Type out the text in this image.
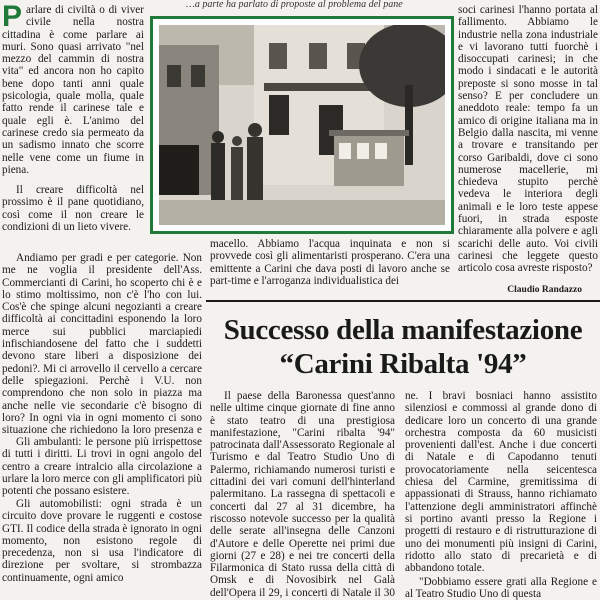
…a parte ha parlato di proposte al problema del pane

Parlare di civiltà o di viver civile nella nostra cittadina è come parlare ai muri. Sono quasi arrivato "nel mezzo del cammin di nostra vita" ed ancora non ho capito bene dopo tanti anni quale psicologia, quale molla, quale fatto rende il carinese tale e quale egli è. L'animo del carinese credo sia permeato da un sadismo innato che scorre nelle vene come un fiume in piena.

Il creare difficoltà nel prossimo è il pane quotidiano, così come il non creare le condizioni di un lieto vivere.

Andiamo per gradi e per categorie. Non me ne voglia il presidente dell'Ass. Commercianti di Carini, ho scoperto chi è e lo stimo moltissimo, non c'è l'ho con lui. Cos'è che spinge alcuni negozianti a creare difficoltà ai concittadini esponendo la loro merce sui pubblici marciapiedi infischiandosene del fatto che i suddetti devono stare liberi a disposizione dei pedoni?. Mi ci arrovello il cervello a cercare delle spiegazioni. Perchè i V.U. non comprendono che non solo in piazza ma anche nelle vie secondarie c'è bisogno di loro? In ogni via in ogni momento ci sono situazione che richiedono la loro presenza e

Gli ambulanti: le persone più irrispettose di tutti i diritti. Li trovi in ogni angolo del centro a creare intralcio alla circolazione a urlare la loro merce con gli amplificatori più potenti che possano esistere.

Gli automobilisti: ogni strada è un circuito dove provare le ruggenti e costose GTI. Il codice della strada è ignorato in ogni momento, non esistono regole di precedenza, non si usa l'indicatore di direzione per svoltare, si strombazza continuamente, ogni amico

macello. Abbiamo l'acqua inquinata e non si provvede così gli alimentaristi prosperano. C'era una emittente a Carini che dava posti di lavoro anche se part-time e l'arroganza individualistica dei

soci carinesi l'hanno portata al fallimento. Abbiamo le industrie nella zona industriale e vi lavorano tutti fuorchè i disoccupati carinesi; in che modo i sindacati e le autorità preposte si sono mosse in tal senso? E per concludere un aneddoto reale: tempo fa un amico di origine italiana ma in Belgio dalla nascita, mi venne a trovare e transitando per corso Garibaldi, dove ci sono numerose macellerie, mi chiedeva stupito perchè vedeva le interiora degli animali e le loro teste appese fuori, in strada esposte chiaramente alla polvere e agli scarichi delle auto. Voi civili carinesi che leggete questo articolo cosa avreste risposto?

Claudio Randazzo
Successo della manifestazione
“Carini Ribalta '94”

Il paese della Baronessa quest'anno nelle ultime cinque giornate di fine anno è stato teatro di una prestigiosa manifestazione, "Carini ribalta '94" patrocinata dall'Assessorato Regionale al Turismo e dal Teatro Studio Uno di Palermo, richiamando numerosi turisti e cittadini dei vari comuni dell'hinterland palermitano. La rassegna di spettacoli e concerti dal 27 al 31 dicembre, ha riscosso notevole successo per la qualità delle serate all'insegna delle Canzoni d'Autore e delle Operette nei primi due giorni (27 e 28) e nei tre concerti della Filarmonica di Stato russa della città di Omsk e di Novosibirk nel Galà dell'Opera il 29, i concerti di Natale il 30

ne. I bravi bosniaci hanno assistito silenziosi e commossi al grande dono di dedicare loro un concerto di una grande orchestra composta da 60 musicisti provenienti dall'est. Anche i due concerti di Natale e di Capodanno tenuti provocatoriamente nella seicentesca chiesa del Carmine, gremitissima di appassionati di Strauss, hanno richiamato l'attenzione degli amministratori affinchè si portino avanti presso la Regione i progetti di restauro e di ristrutturazione di uno dei monumenti più insigni di Carini, ridotto allo stato di precarietà e di abbandono totale.

"Dobbiamo essere grati alla Regione e al Teatro Studio Uno di questa
